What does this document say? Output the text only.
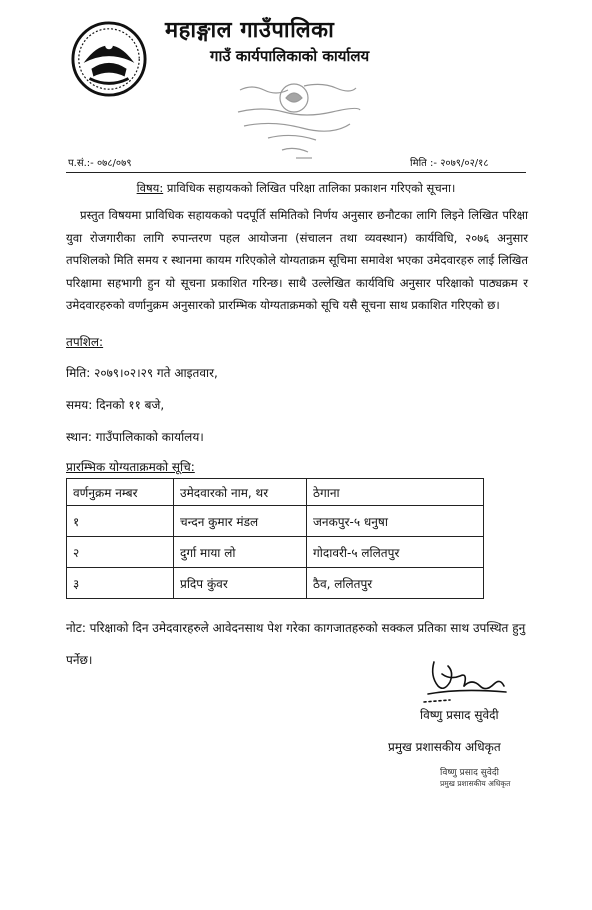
महाङ्गाल गाउँपालिका
गाउँ कार्यपालिकाको कार्यालय
प.सं.:- ०७८/०७९	मिति :- २०७९/०२/१८
विषय: प्राविधिक सहायकको लिखित परिक्षा तालिका प्रकाशन गरिएको सूचना।
प्रस्तुत विषयमा प्राविधिक सहायकको पदपूर्ति समितिको निर्णय अनुसार छनौटका लागि लिइने लिखित परिक्षा युवा रोजगारीका लागि रुपान्तरण पहल आयोजना (संचालन तथा व्यवस्थान) कार्यविधि, २०७६ अनुसार तपशिलको मिति समय र स्थानमा कायम गरिएकोले योग्यताक्रम सूचिमा समावेश भएका उमेदवारहरु लाई लिखित परिक्षामा सहभागी हुन यो सूचना प्रकाशित गरिन्छ। साथै उल्लेखित कार्यविधि अनुसार परिक्षाको पाठ्यक्रम र उमेदवारहरुको वर्णानुक्रम अनुसारको प्रारम्भिक योग्यताक्रमको सूचि यसै सूचना साथ प्रकाशित गरिएको छ।
तपशिल:
मिति: २०७९।०२।२९ गते आइतवार,
समय: दिनको ११ बजे,
स्थान: गाउँपालिकाको कार्यालय।
प्रारम्भिक योग्यताक्रमको सूचि:
वर्णनुक्रम नम्बर	उमेदवारको नाम, थर	ठेगाना
१	चन्दन कुमार मंडल	जनकपुर-५ धनुषा
२	दुर्गा माया लो	गोदावरी-५ ललितपुर
३	प्रदिप कुंवर	ठैव, ललितपुर
नोट: परिक्षाको दिन उमेदवारहरुले आवेदनसाथ पेश गरेका कागजातहरुको सक्कल प्रतिका साथ उपस्थित हुनु पर्नेछ।
विष्णु प्रसाद सुवेदी
प्रमुख प्रशासकीय अधिकृत
विष्णु प्रसाद सुवेदी
प्रमुख प्रशासकीय अधिकृत
